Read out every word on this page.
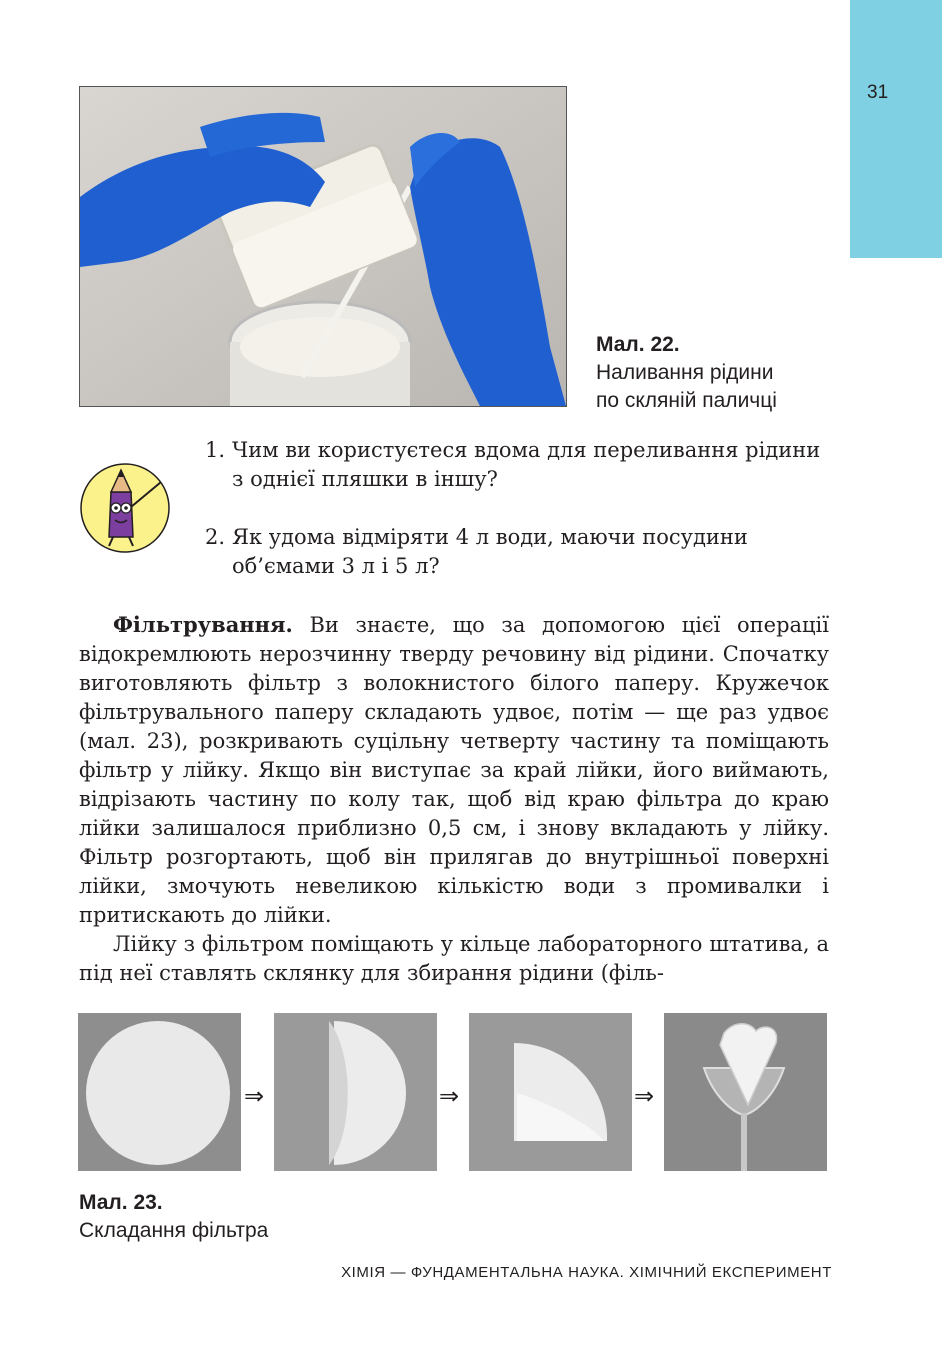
31
Мал. 22.
Наливання рідини
по скляній паличці
1. Чим ви користуєтеся вдома для переливання рідини з однієї пляшки в іншу?
2. Як удома відміряти 4 л води, маючи посудини об’ємами 3 л і 5 л?

Фільтрування. Ви знаєте, що за допомогою цієї операції відокремлюють нерозчинну тверду речовину від рідини. Спочатку виготовляють фільтр з волокнистого білого паперу. Кружечок фільтрувального паперу складають удвоє, потім — ще раз удвоє (мал. 23), розкривають суцільну четверту частину та поміщають фільтр у лійку. Якщо він виступає за край лійки, його виймають, відрізають частину по колу так, щоб від краю фільтра до краю лійки залишалося приблизно 0,5 см, і знову вкладають у лійку. Фільтр розгортають, щоб він прилягав до внутрішньої поверхні лійки, змочують невеликою кількістю води з промивалки і притискають до лійки.

Лійку з фільтром поміщають у кільце лабораторного штатива, а під неї ставлять склянку для збирання рідини (філь-

⇒	⇒	⇒
Мал. 23.
Складання фільтра
ХІМІЯ — ФУНДАМЕНТАЛЬНА НАУКА. ХІМІЧНИЙ ЕКСПЕРИМЕНТ
